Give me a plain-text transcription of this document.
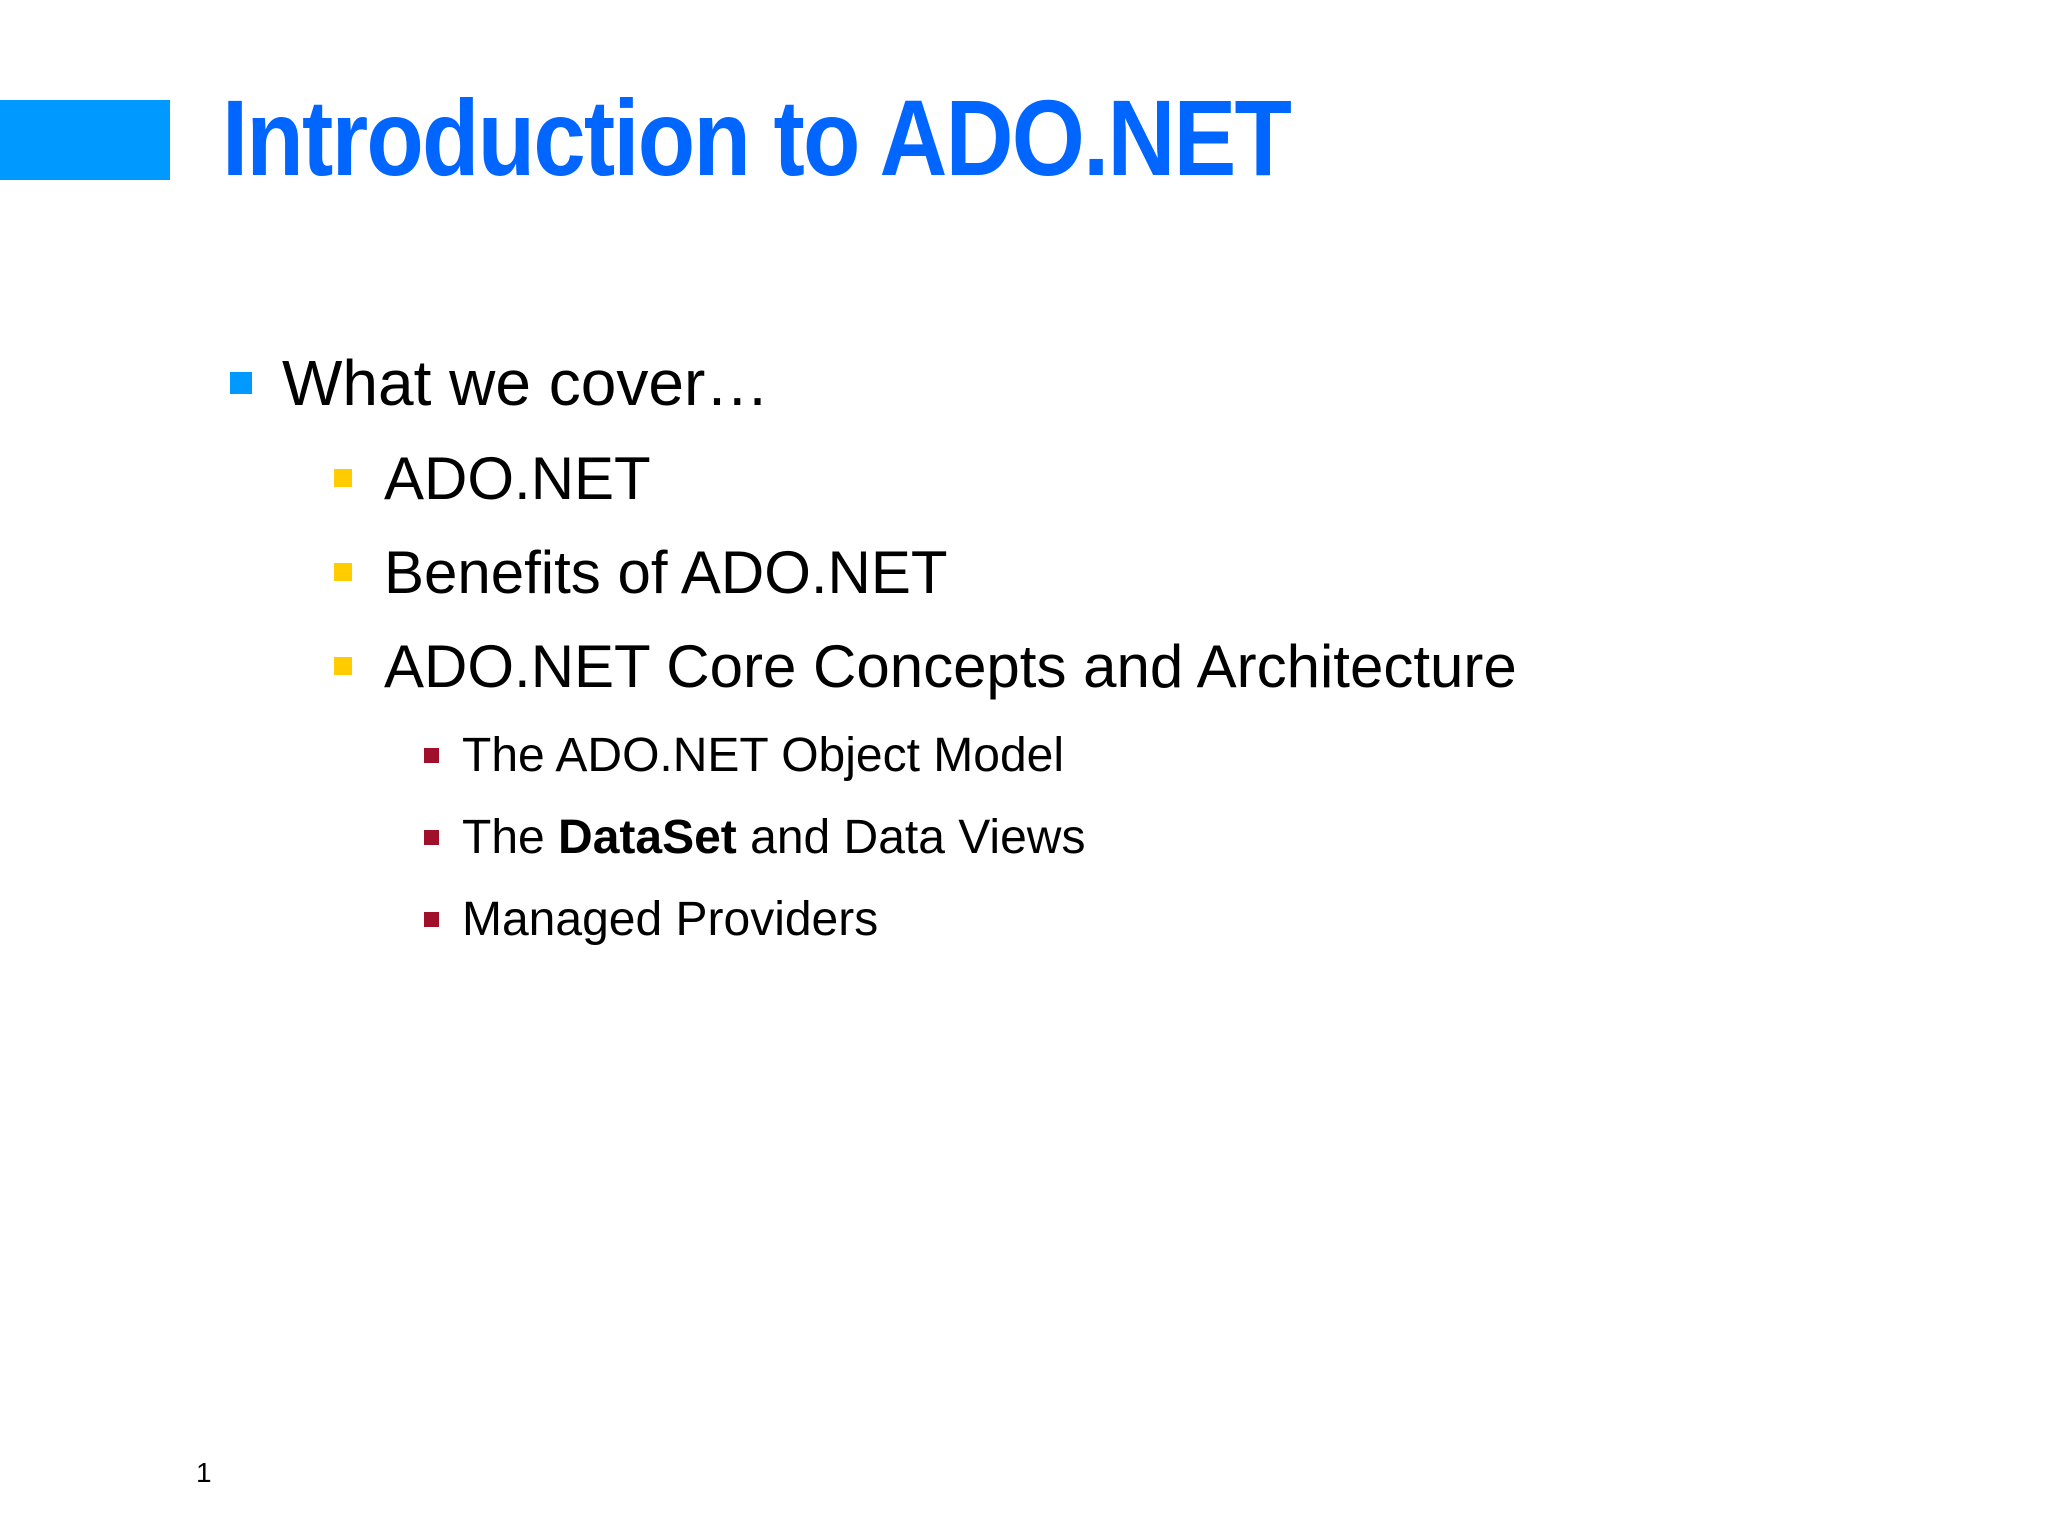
Introduction to ADO.NET
What we cover…
ADO.NET
Benefits of ADO.NET
ADO.NET Core Concepts and Architecture
The ADO.NET Object Model
The DataSet and Data Views
Managed Providers
1
